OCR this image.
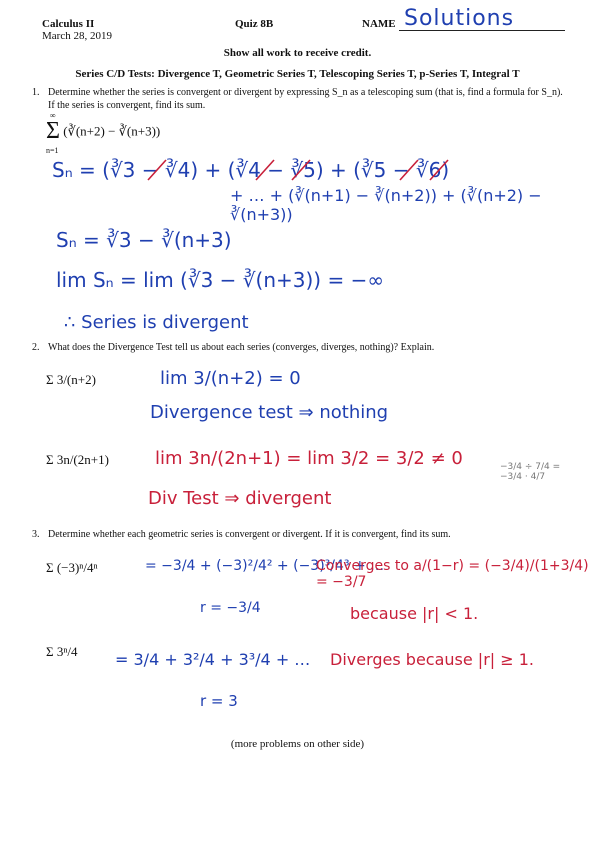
Calculus II
March 28, 2019
Quiz 8B	NAME Solutions
Show all work to receive credit.
Series C/D Tests: Divergence T, Geometric Series T, Telescoping Series T, p-Series T, Integral T
1. Determine whether the series is convergent or divergent by expressing S_n as a telescoping sum (that is, find a formula for S_n). If the series is convergent, find its sum.
Σ (∛(n+2) − ∛(n+3))
∞
n=1
Sₙ = (∛3 − ∛4) + (∛4 − ∛5) + (∛5 − ∛6)
+ … + (∛(n+1) − ∛(n+2)) + (∛(n+2) − ∛(n+3))
Sₙ = ∛3 − ∛(n+3)
lim Sₙ = lim (∛3 − ∛(n+3)) = −∞
∴ Series is divergent
2. What does the Divergence Test tell us about each series (converges, diverges, nothing)? Explain.
Σ 3/(n+2)	lim 3/(n+2) = 0
Divergence test ⇒ nothing
Σ 3n/(2n+1)	lim 3n/(2n+1) = lim 3/2 = 3/2 ≠ 0
Div Test ⇒ divergent
−3/4 ÷ 7/4 = −3/4 · 4/7
3. Determine whether each geometric series is convergent or divergent. If it is convergent, find its sum.
Σ (−3)ⁿ/4ⁿ	= −3/4 + (−3)²/4² + (−3)³/4³ + …
Converges to a/(1−r) = (−3/4)/(1+3/4) = −3/7
r = −3/4	because |r| < 1.
Σ 3ⁿ/4 = 3/4 + 3²/4 + 3³/4 + … Diverges because |r| ≥ 1.
r = 3
(more problems on other side)
